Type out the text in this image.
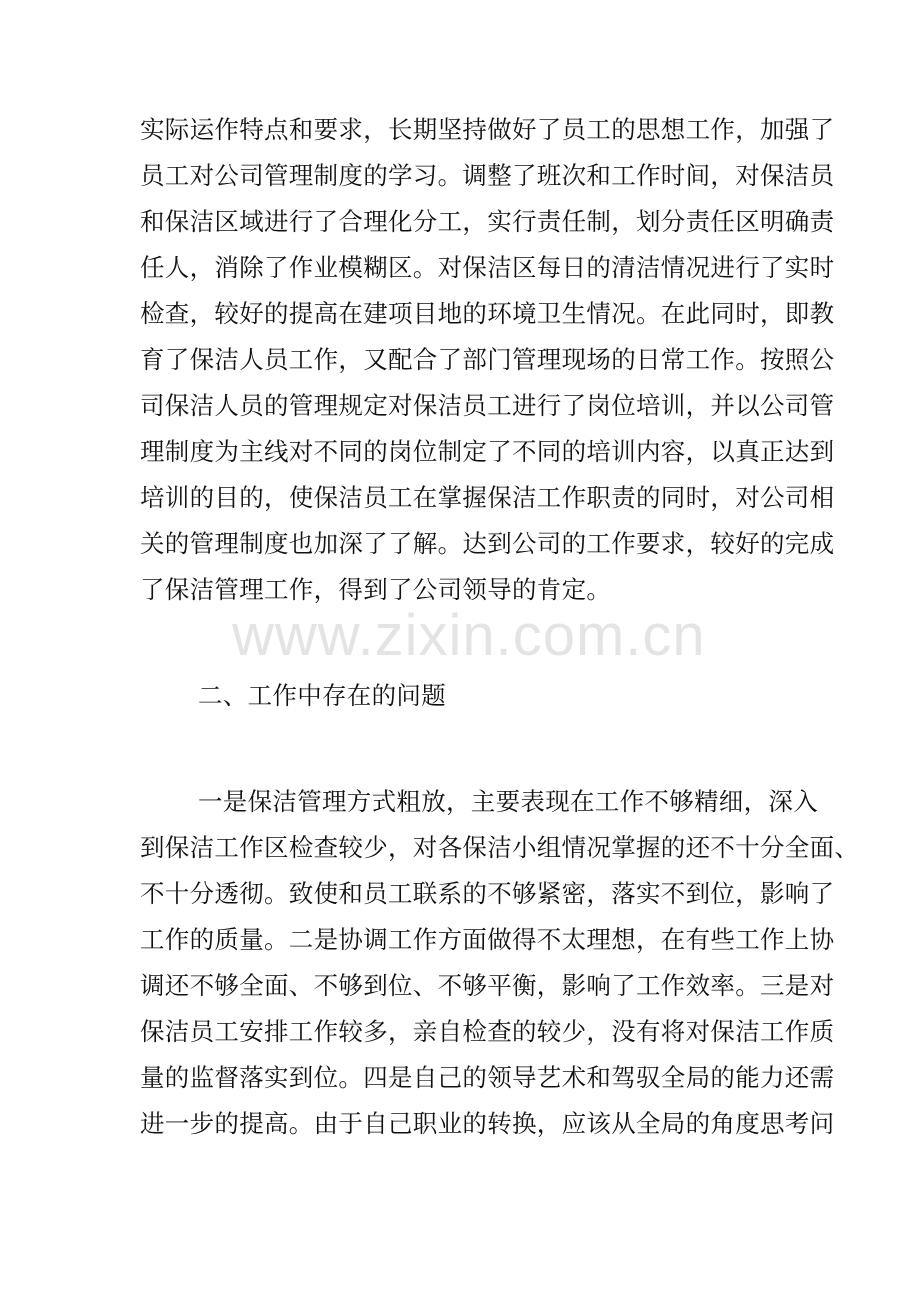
www.zixin.com.cn
实际运作特点和要求，长期坚持做好了员工的思想工作，加强了
员工对公司管理制度的学习。调整了班次和工作时间，对保洁员
和保洁区域进行了合理化分工，实行责任制，划分责任区明确责
任人，消除了作业模糊区。对保洁区每日的清洁情况进行了实时
检查，较好的提高在建项目地的环境卫生情况。在此同时，即教
育了保洁人员工作，又配合了部门管理现场的日常工作。按照公
司保洁人员的管理规定对保洁员工进行了岗位培训，并以公司管
理制度为主线对不同的岗位制定了不同的培训内容，以真正达到
培训的目的，使保洁员工在掌握保洁工作职责的同时，对公司相
关的管理制度也加深了了解。达到公司的工作要求，较好的完成
了保洁管理工作，得到了公司领导的肯定。
二、工作中存在的问题
一是保洁管理方式粗放，主要表现在工作不够精细，深入
到保洁工作区检查较少，对各保洁小组情况掌握的还不十分全面、
不十分透彻。致使和员工联系的不够紧密，落实不到位，影响了
工作的质量。二是协调工作方面做得不太理想，在有些工作上协
调还不够全面、不够到位、不够平衡，影响了工作效率。三是对
保洁员工安排工作较多，亲自检查的较少，没有将对保洁工作质
量的监督落实到位。四是自己的领导艺术和驾驭全局的能力还需
进一步的提高。由于自己职业的转换，应该从全局的角度思考问
